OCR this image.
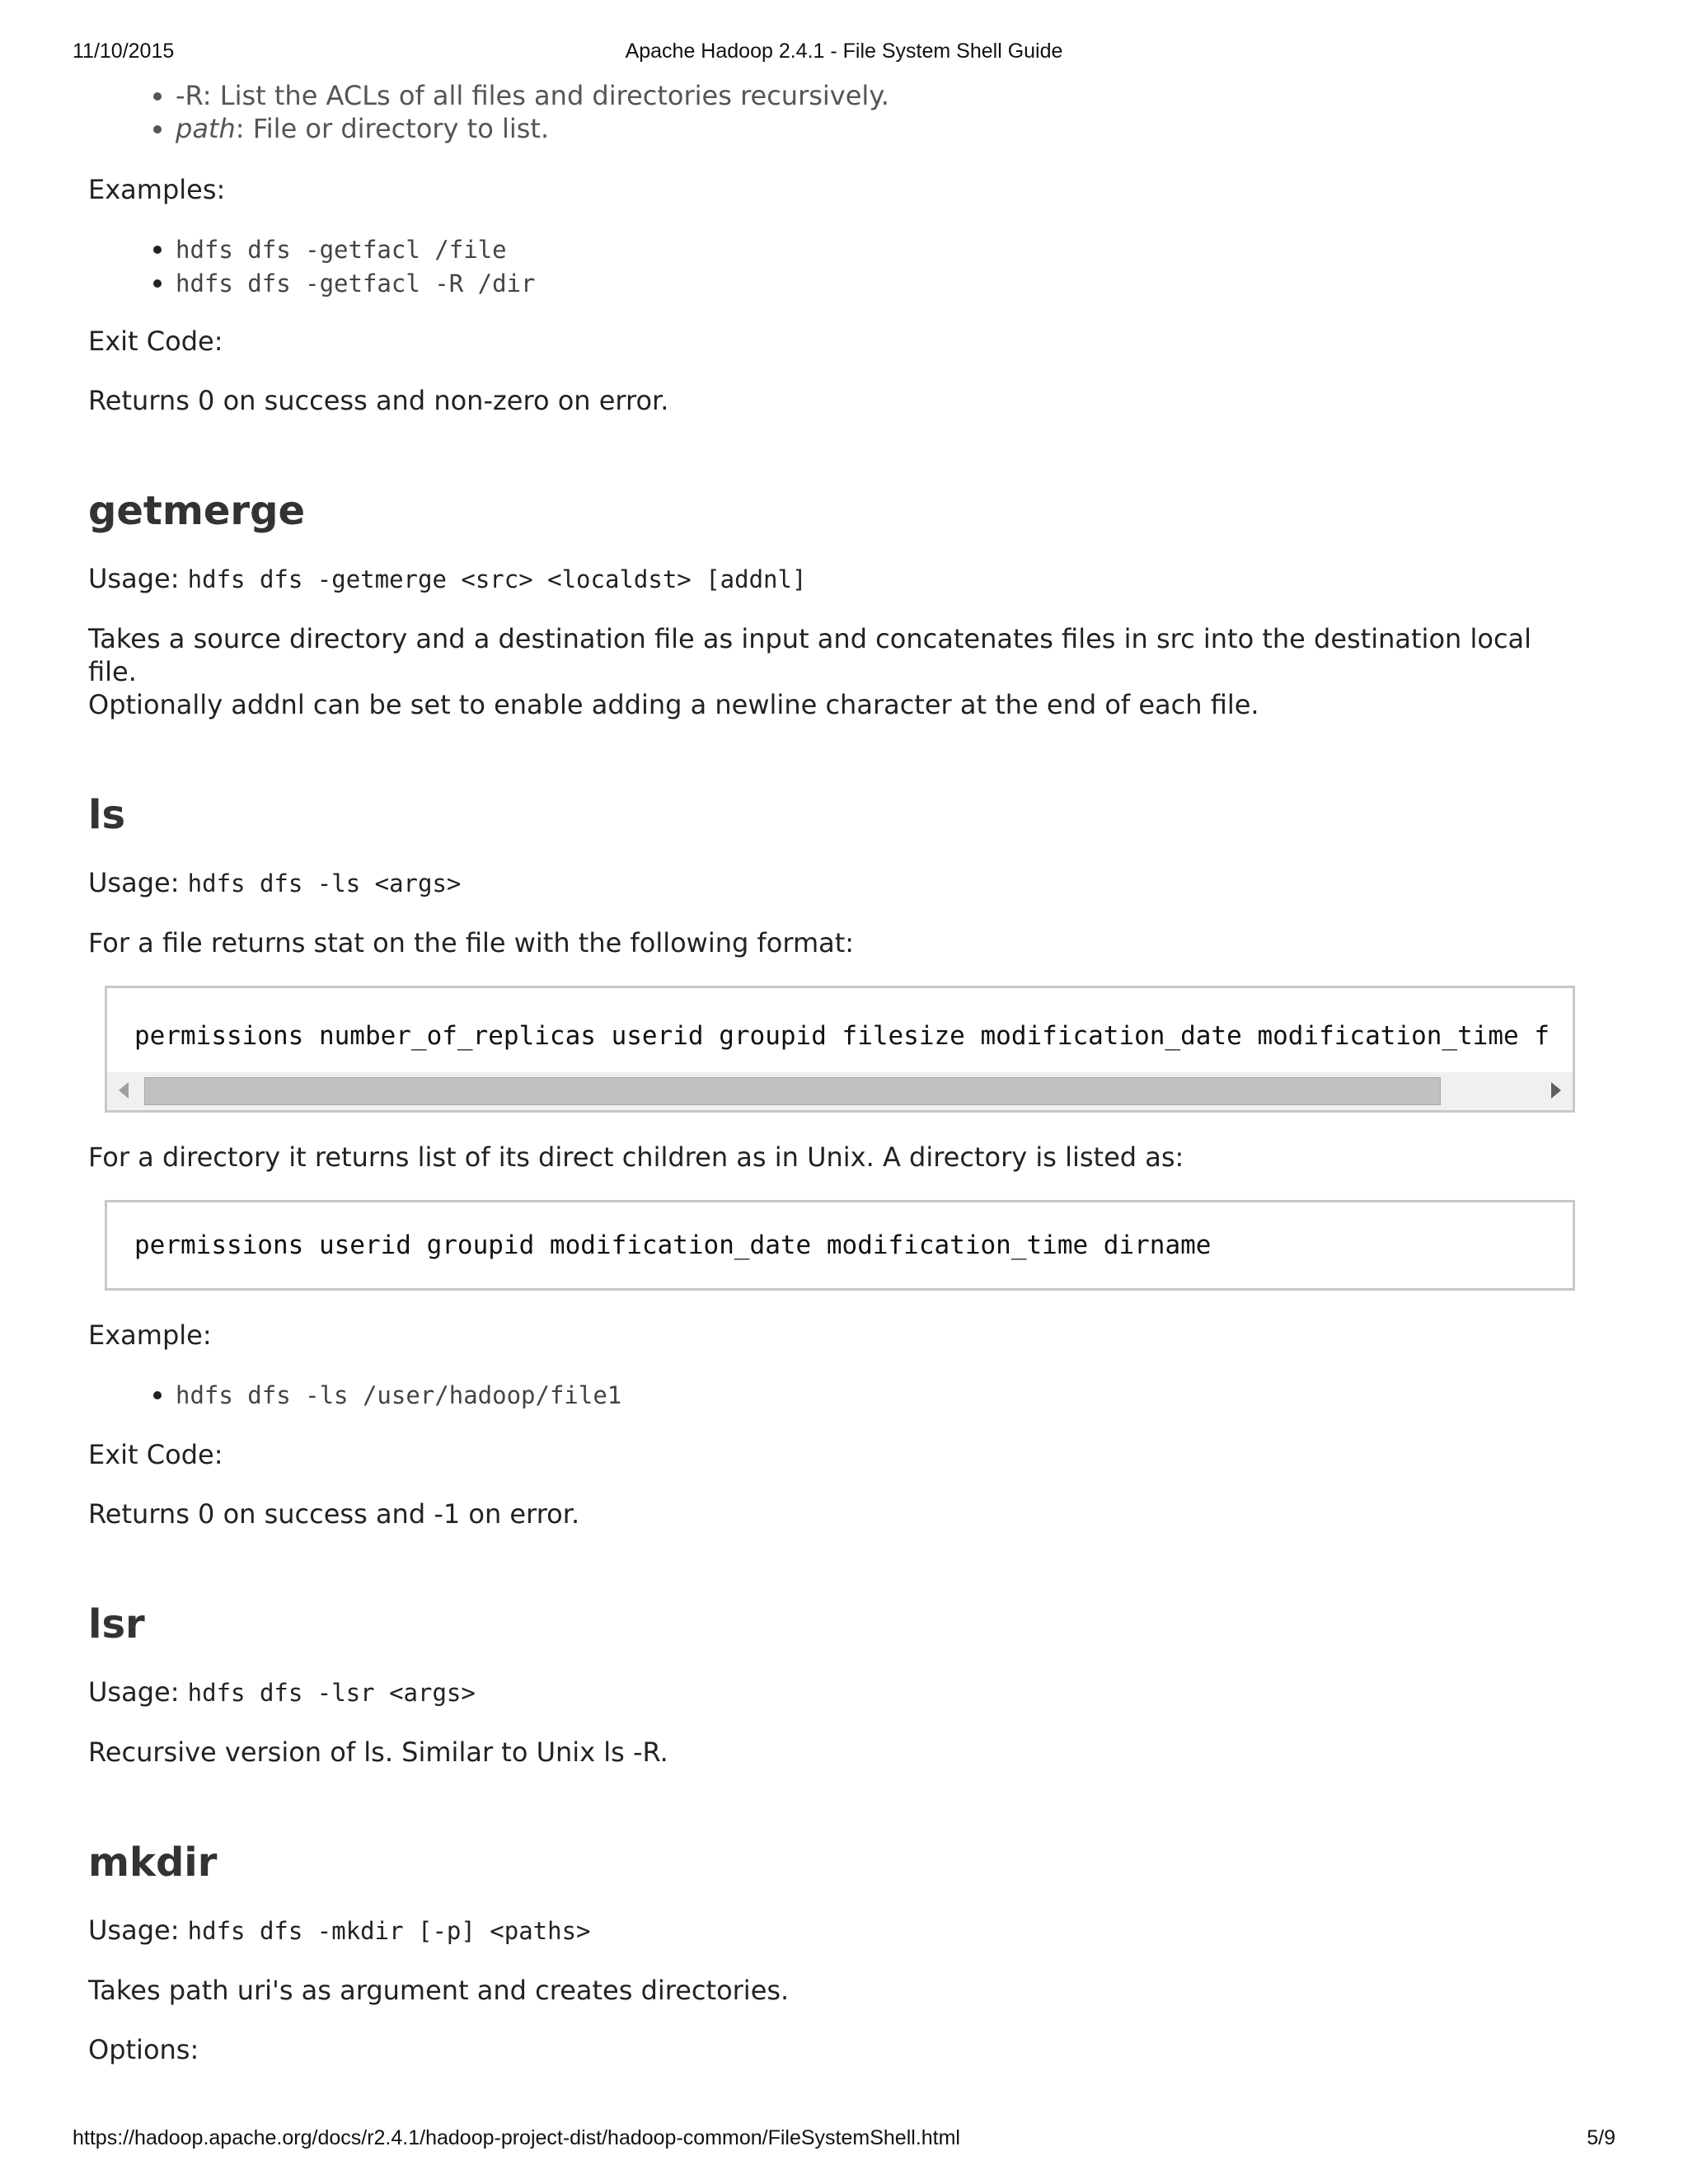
11/10/2015	Apache Hadoop 2.4.1 - File System Shell Guide
• -R: List the ACLs of all files and directories recursively.
• path: File or directory to list.

Examples:

• hdfs dfs -getfacl /file
• hdfs dfs -getfacl -R /dir

Exit Code:

Returns 0 on success and non-zero on error.

getmerge

Usage: hdfs dfs -getmerge <src> <localdst> [addnl]

Takes a source directory and a destination file as input and concatenates files in src into the destination local file.

Optionally addnl can be set to enable adding a newline character at the end of each file.

ls

Usage: hdfs dfs -ls <args>

For a file returns stat on the file with the following format:

permissions number_of_replicas userid groupid filesize modification_date modification_time f

For a directory it returns list of its direct children as in Unix. A directory is listed as:

permissions userid groupid modification_date modification_time dirname

Example:

• hdfs dfs -ls /user/hadoop/file1

Exit Code:

Returns 0 on success and -1 on error.

lsr

Usage: hdfs dfs -lsr <args>

Recursive version of ls. Similar to Unix ls -R.

mkdir

Usage: hdfs dfs -mkdir [-p] <paths>

Takes path uri's as argument and creates directories.

Options:

https://hadoop.apache.org/docs/r2.4.1/hadoop-project-dist/hadoop-common/FileSystemShell.html	5/9
